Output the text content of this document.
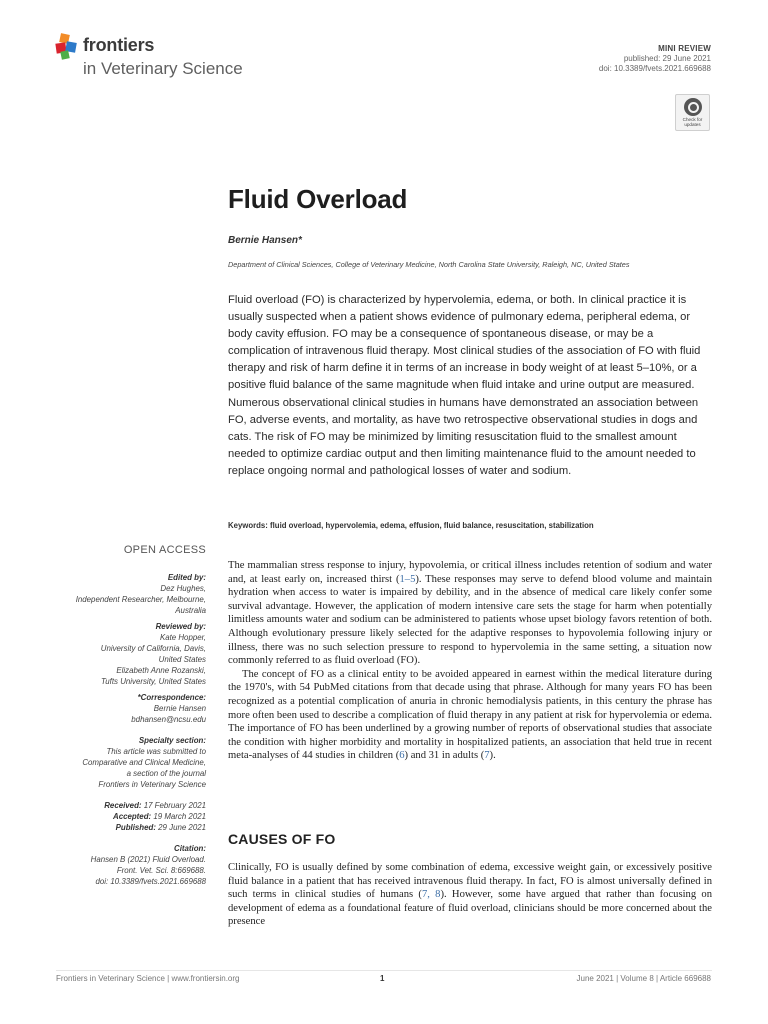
frontiers
in Veterinary Science
MINI REVIEW
published: 29 June 2021
doi: 10.3389/fvets.2021.669688
Check for
updates
Fluid Overload
Bernie Hansen*
Department of Clinical Sciences, College of Veterinary Medicine, North Carolina State University, Raleigh, NC, United States

Fluid overload (FO) is characterized by hypervolemia, edema, or both. In clinical practice it is usually suspected when a patient shows evidence of pulmonary edema, peripheral edema, or body cavity effusion. FO may be a consequence of spontaneous disease, or may be a complication of intravenous fluid therapy. Most clinical studies of the association of FO with fluid therapy and risk of harm define it in terms of an increase in body weight of at least 5–10%, or a positive fluid balance of the same magnitude when fluid intake and urine output are measured. Numerous observational clinical studies in humans have demonstrated an association between FO, adverse events, and mortality, as have two retrospective observational studies in dogs and cats. The risk of FO may be minimized by limiting resuscitation fluid to the smallest amount needed to optimize cardiac output and then limiting maintenance fluid to the amount needed to replace ongoing normal and pathological losses of water and sodium.

Keywords: fluid overload, hypervolemia, edema, effusion, fluid balance, resuscitation, stabilization
OPEN ACCESS
Edited by:
Dez Hughes,
Independent Researcher, Melbourne,
Australia
Reviewed by:
Kate Hopper,
University of California, Davis,
United States
Elizabeth Anne Rozanski,
Tufts University, United States
*Correspondence:
Bernie Hansen
bdhansen@ncsu.edu
Specialty section:
This article was submitted to
Comparative and Clinical Medicine,
a section of the journal
Frontiers in Veterinary Science
Received: 17 February 2021
Accepted: 19 March 2021
Published: 29 June 2021
Citation:
Hansen B (2021) Fluid Overload.
Front. Vet. Sci. 8:669688.
doi: 10.3389/fvets.2021.669688

The mammalian stress response to injury, hypovolemia, or critical illness includes retention of sodium and water and, at least early on, increased thirst (1–5). These responses may serve to defend blood volume and maintain hydration when access to water is impaired by debility, and in the absence of medical care likely confer some survival advantage. However, the application of modern intensive care sets the stage for harm when potentially limitless amounts water and sodium can be administered to patients whose upset biology favors retention of both. Although evolutionary pressure likely selected for the adaptive responses to hypovolemia following injury or illness, there was no such selection pressure to respond to hypervolemia in the same setting, a situation now commonly referred to as fluid overload (FO).

The concept of FO as a clinical entity to be avoided appeared in earnest within the medical literature during the 1970's, with 54 PubMed citations from that decade using that phrase. Although for many years FO has been recognized as a potential complication of anuria in chronic hemodialysis patients, in this century the phrase has more often been used to describe a complication of fluid therapy in any patient at risk for hypervolemia or edema. The importance of FO has been underlined by a growing number of reports of observational studies that associate the condition with higher morbidity and mortality in hospitalized patients, an association that held true in recent meta-analyses of 44 studies in children (6) and 31 in adults (7).

CAUSES OF FO

Clinically, FO is usually defined by some combination of edema, excessive weight gain, or excessively positive fluid balance in a patient that has received intravenous fluid therapy. In fact, FO is almost universally defined in such terms in clinical studies of humans (7, 8). However, some have argued that rather than focusing on development of edema as a foundational feature of fluid overload, clinicians should be more concerned about the presence

Frontiers in Veterinary Science | www.frontiersin.org	1	June 2021 | Volume 8 | Article 669688
